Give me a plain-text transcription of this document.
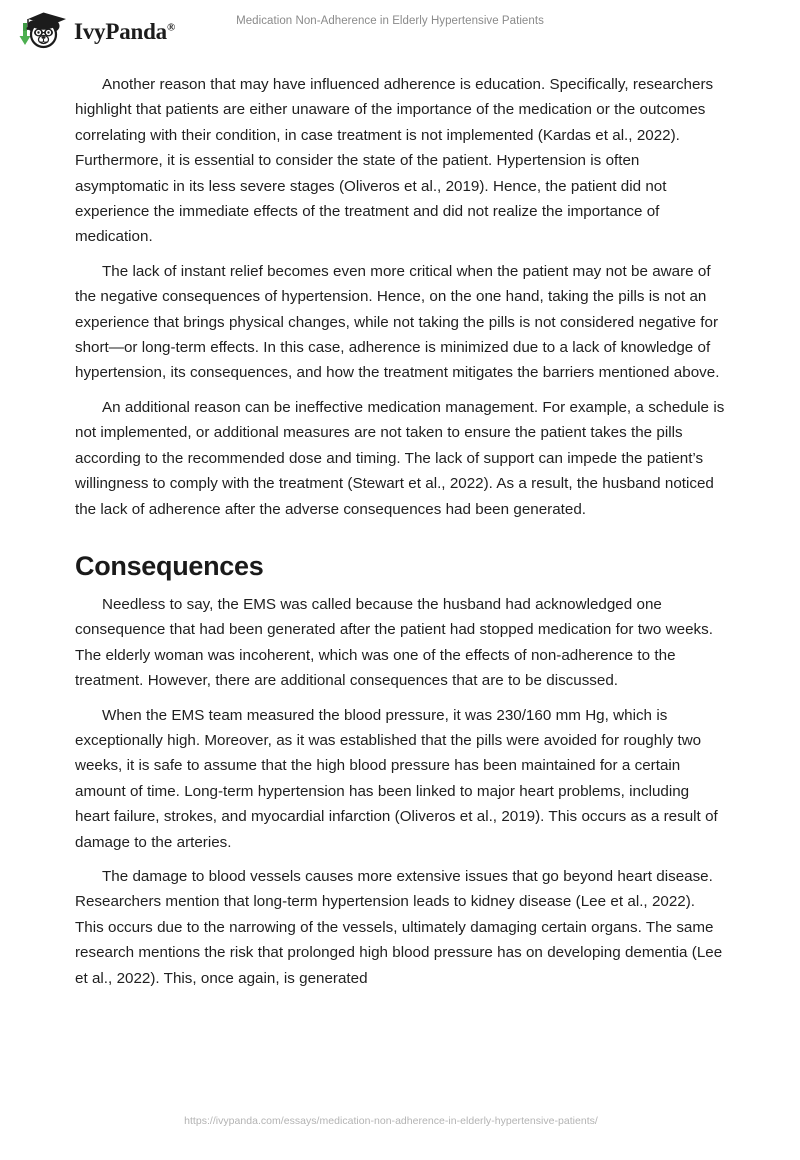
IvyPanda®	Medication Non-Adherence in Elderly Hypertensive Patients

Another reason that may have influenced adherence is education. Specifically, researchers highlight that patients are either unaware of the importance of the medication or the outcomes correlating with their condition, in case treatment is not implemented (Kardas et al., 2022). Furthermore, it is essential to consider the state of the patient. Hypertension is often asymptomatic in its less severe stages (Oliveros et al., 2019). Hence, the patient did not experience the immediate effects of the treatment and did not realize the importance of medication.

The lack of instant relief becomes even more critical when the patient may not be aware of the negative consequences of hypertension. Hence, on the one hand, taking the pills is not an experience that brings physical changes, while not taking the pills is not considered negative for short—or long-term effects. In this case, adherence is minimized due to a lack of knowledge of hypertension, its consequences, and how the treatment mitigates the barriers mentioned above.

An additional reason can be ineffective medication management. For example, a schedule is not implemented, or additional measures are not taken to ensure the patient takes the pills according to the recommended dose and timing. The lack of support can impede the patient’s willingness to comply with the treatment (Stewart et al., 2022). As a result, the husband noticed the lack of adherence after the adverse consequences had been generated.

Consequences

Needless to say, the EMS was called because the husband had acknowledged one consequence that had been generated after the patient had stopped medication for two weeks. The elderly woman was incoherent, which was one of the effects of non-adherence to the treatment. However, there are additional consequences that are to be discussed.

When the EMS team measured the blood pressure, it was 230/160 mm Hg, which is exceptionally high. Moreover, as it was established that the pills were avoided for roughly two weeks, it is safe to assume that the high blood pressure has been maintained for a certain amount of time. Long-term hypertension has been linked to major heart problems, including heart failure, strokes, and myocardial infarction (Oliveros et al., 2019). This occurs as a result of damage to the arteries.

The damage to blood vessels causes more extensive issues that go beyond heart disease. Researchers mention that long-term hypertension leads to kidney disease (Lee et al., 2022). This occurs due to the narrowing of the vessels, ultimately damaging certain organs. The same research mentions the risk that prolonged high blood pressure has on developing dementia (Lee et al., 2022). This, once again, is generated

https://ivypanda.com/essays/medication-non-adherence-in-elderly-hypertensive-patients/
